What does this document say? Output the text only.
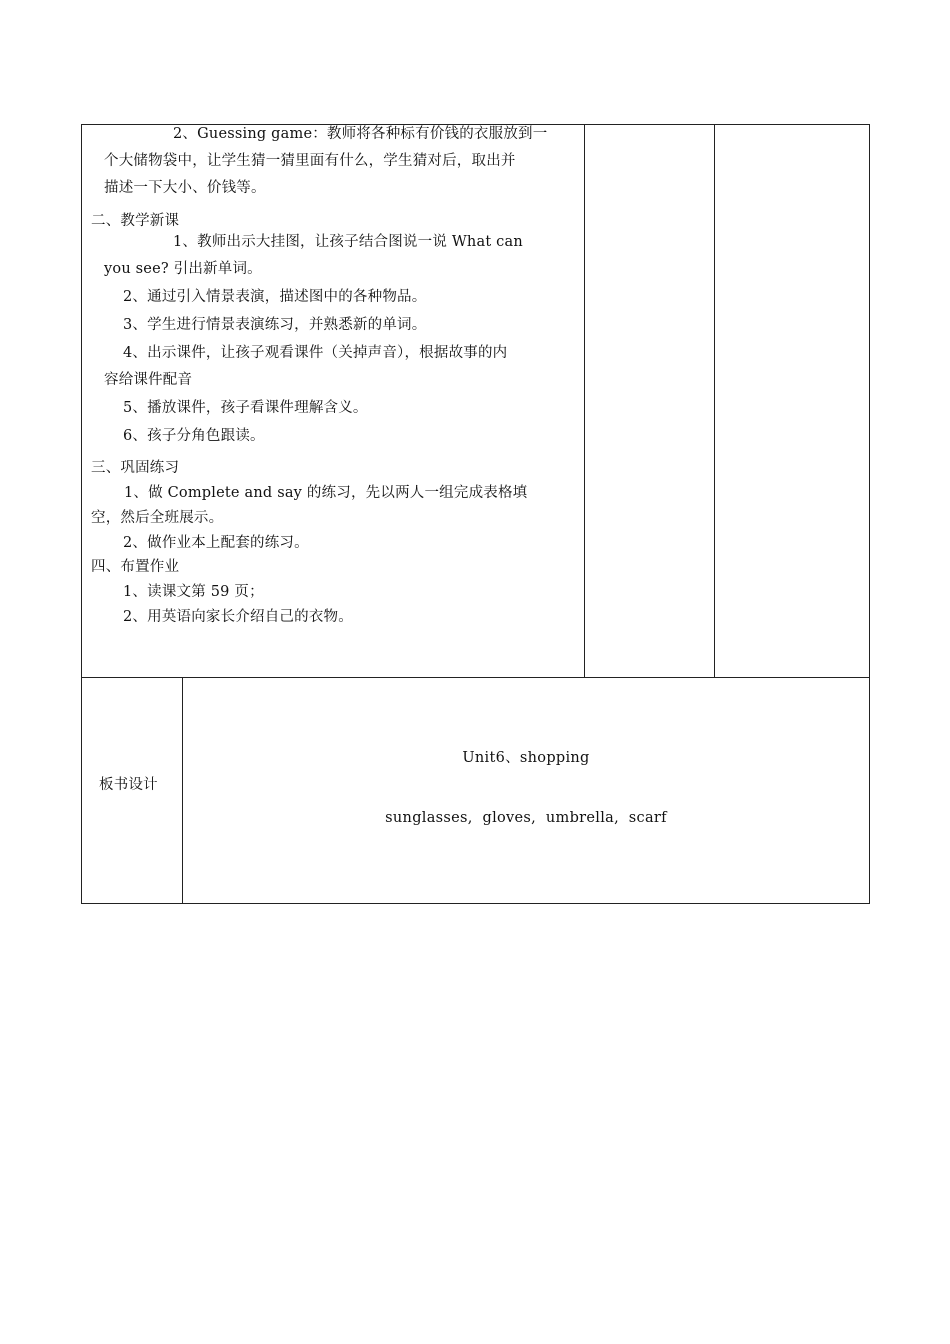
2、Guessing game：教师将各种标有价钱的衣服放到一
个大储物袋中，让学生猜一猜里面有什么，学生猜对后，取出并
描述一下大小、价钱等。
二、教学新课
1、教师出示大挂图，让孩子结合图说一说 What can
you see? 引出新单词。
2、通过引入情景表演，描述图中的各种物品。
3、学生进行情景表演练习，并熟悉新的单词。
4、出示课件，让孩子观看课件（关掉声音），根据故事的内
容给课件配音
5、播放课件，孩子看课件理解含义。
6、孩子分角色跟读。
三、巩固练习
1、做 Complete and say 的练习，先以两人一组完成表格填
空，然后全班展示。
2、做作业本上配套的练习。
四、布置作业
1、读课文第 59 页；
2、用英语向家长介绍自己的衣物。
板书设计
Unit6、shopping
sunglasses,  gloves,  umbrella,  scarf
